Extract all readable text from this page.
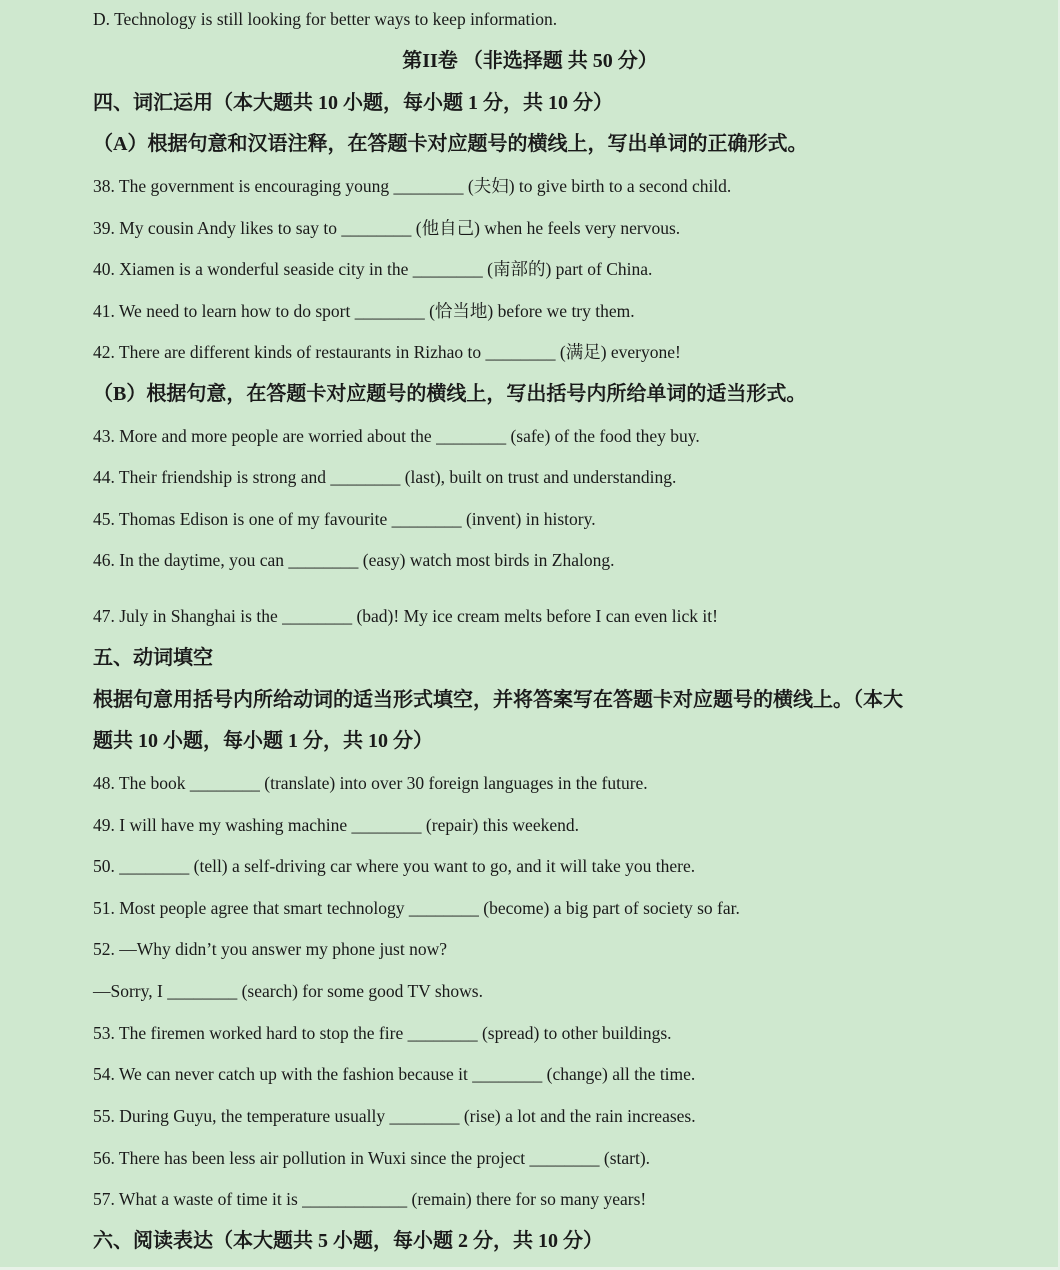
D. Technology is still looking for better ways to keep information.
第II卷 （非选择题 共 50 分）
四、词汇运用（本大题共 10 小题，每小题 1 分，共 10 分）
（A）根据句意和汉语注释，在答题卡对应题号的横线上，写出单词的正确形式。
38. The government is encouraging young ________ (夫妇) to give birth to a second child.
39. My cousin Andy likes to say to ________ (他自己) when he feels very nervous.
40. Xiamen is a wonderful seaside city in the ________ (南部的) part of China.
41. We need to learn how to do sport ________ (恰当地) before we try them.
42. There are different kinds of restaurants in Rizhao to ________ (满足) everyone!
（B）根据句意，在答题卡对应题号的横线上，写出括号内所给单词的适当形式。
43. More and more people are worried about the ________ (safe) of the food they buy.
44. Their friendship is strong and ________ (last), built on trust and understanding.
45. Thomas Edison is one of my favourite ________ (invent) in history.
46. In the daytime, you can ________ (easy) watch most birds in Zhalong.
47. July in Shanghai is the ________ (bad)! My ice cream melts before I can even lick it!
五、动词填空
根据句意用括号内所给动词的适当形式填空，并将答案写在答题卡对应题号的横线上。（本大
题共 10 小题，每小题 1 分，共 10 分）
48. The book ________ (translate) into over 30 foreign languages in the future.
49. I will have my washing machine ________ (repair) this weekend.
50. ________ (tell) a self-driving car where you want to go, and it will take you there.
51. Most people agree that smart technology ________ (become) a big part of society so far.
52. —Why didn’t you answer my phone just now?
—Sorry, I ________ (search) for some good TV shows.
53. The firemen worked hard to stop the fire ________ (spread) to other buildings.
54. We can never catch up with the fashion because it ________ (change) all the time.
55. During Guyu, the temperature usually ________ (rise) a lot and the rain increases.
56. There has been less air pollution in Wuxi since the project ________ (start).
57. What a waste of time it is ____________ (remain) there for so many years!
六、阅读表达（本大题共 5 小题，每小题 2 分，共 10 分）
